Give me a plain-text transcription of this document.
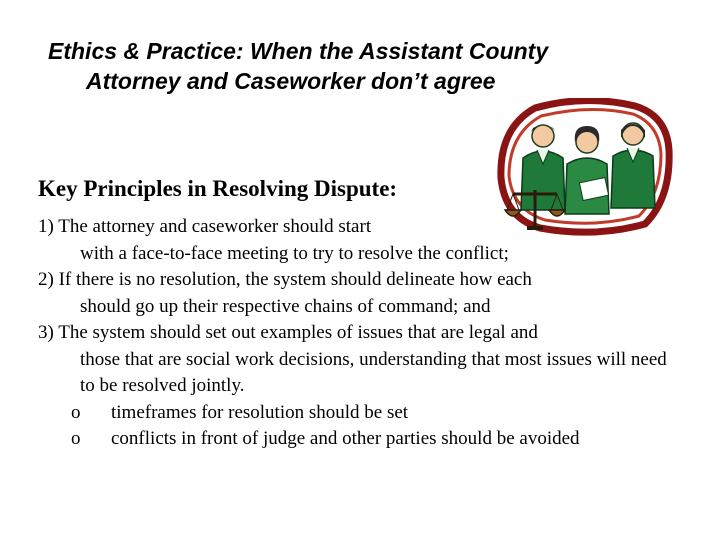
Ethics & Practice: When the Assistant County
Attorney and Caseworker don’t agree
Key Principles in Resolving Dispute:

1) The attorney and caseworker should start
with a face-to-face meeting to try to resolve the conflict;

2) If there is no resolution, the system should delineate how each
should go up their respective chains of command; and

3) The system should set out examples of issues that are legal and
those that are social work decisions, understanding that most issues will need to be resolved jointly.

o	timeframes for resolution should be set

o	conflicts in front of judge and other parties should be avoided
